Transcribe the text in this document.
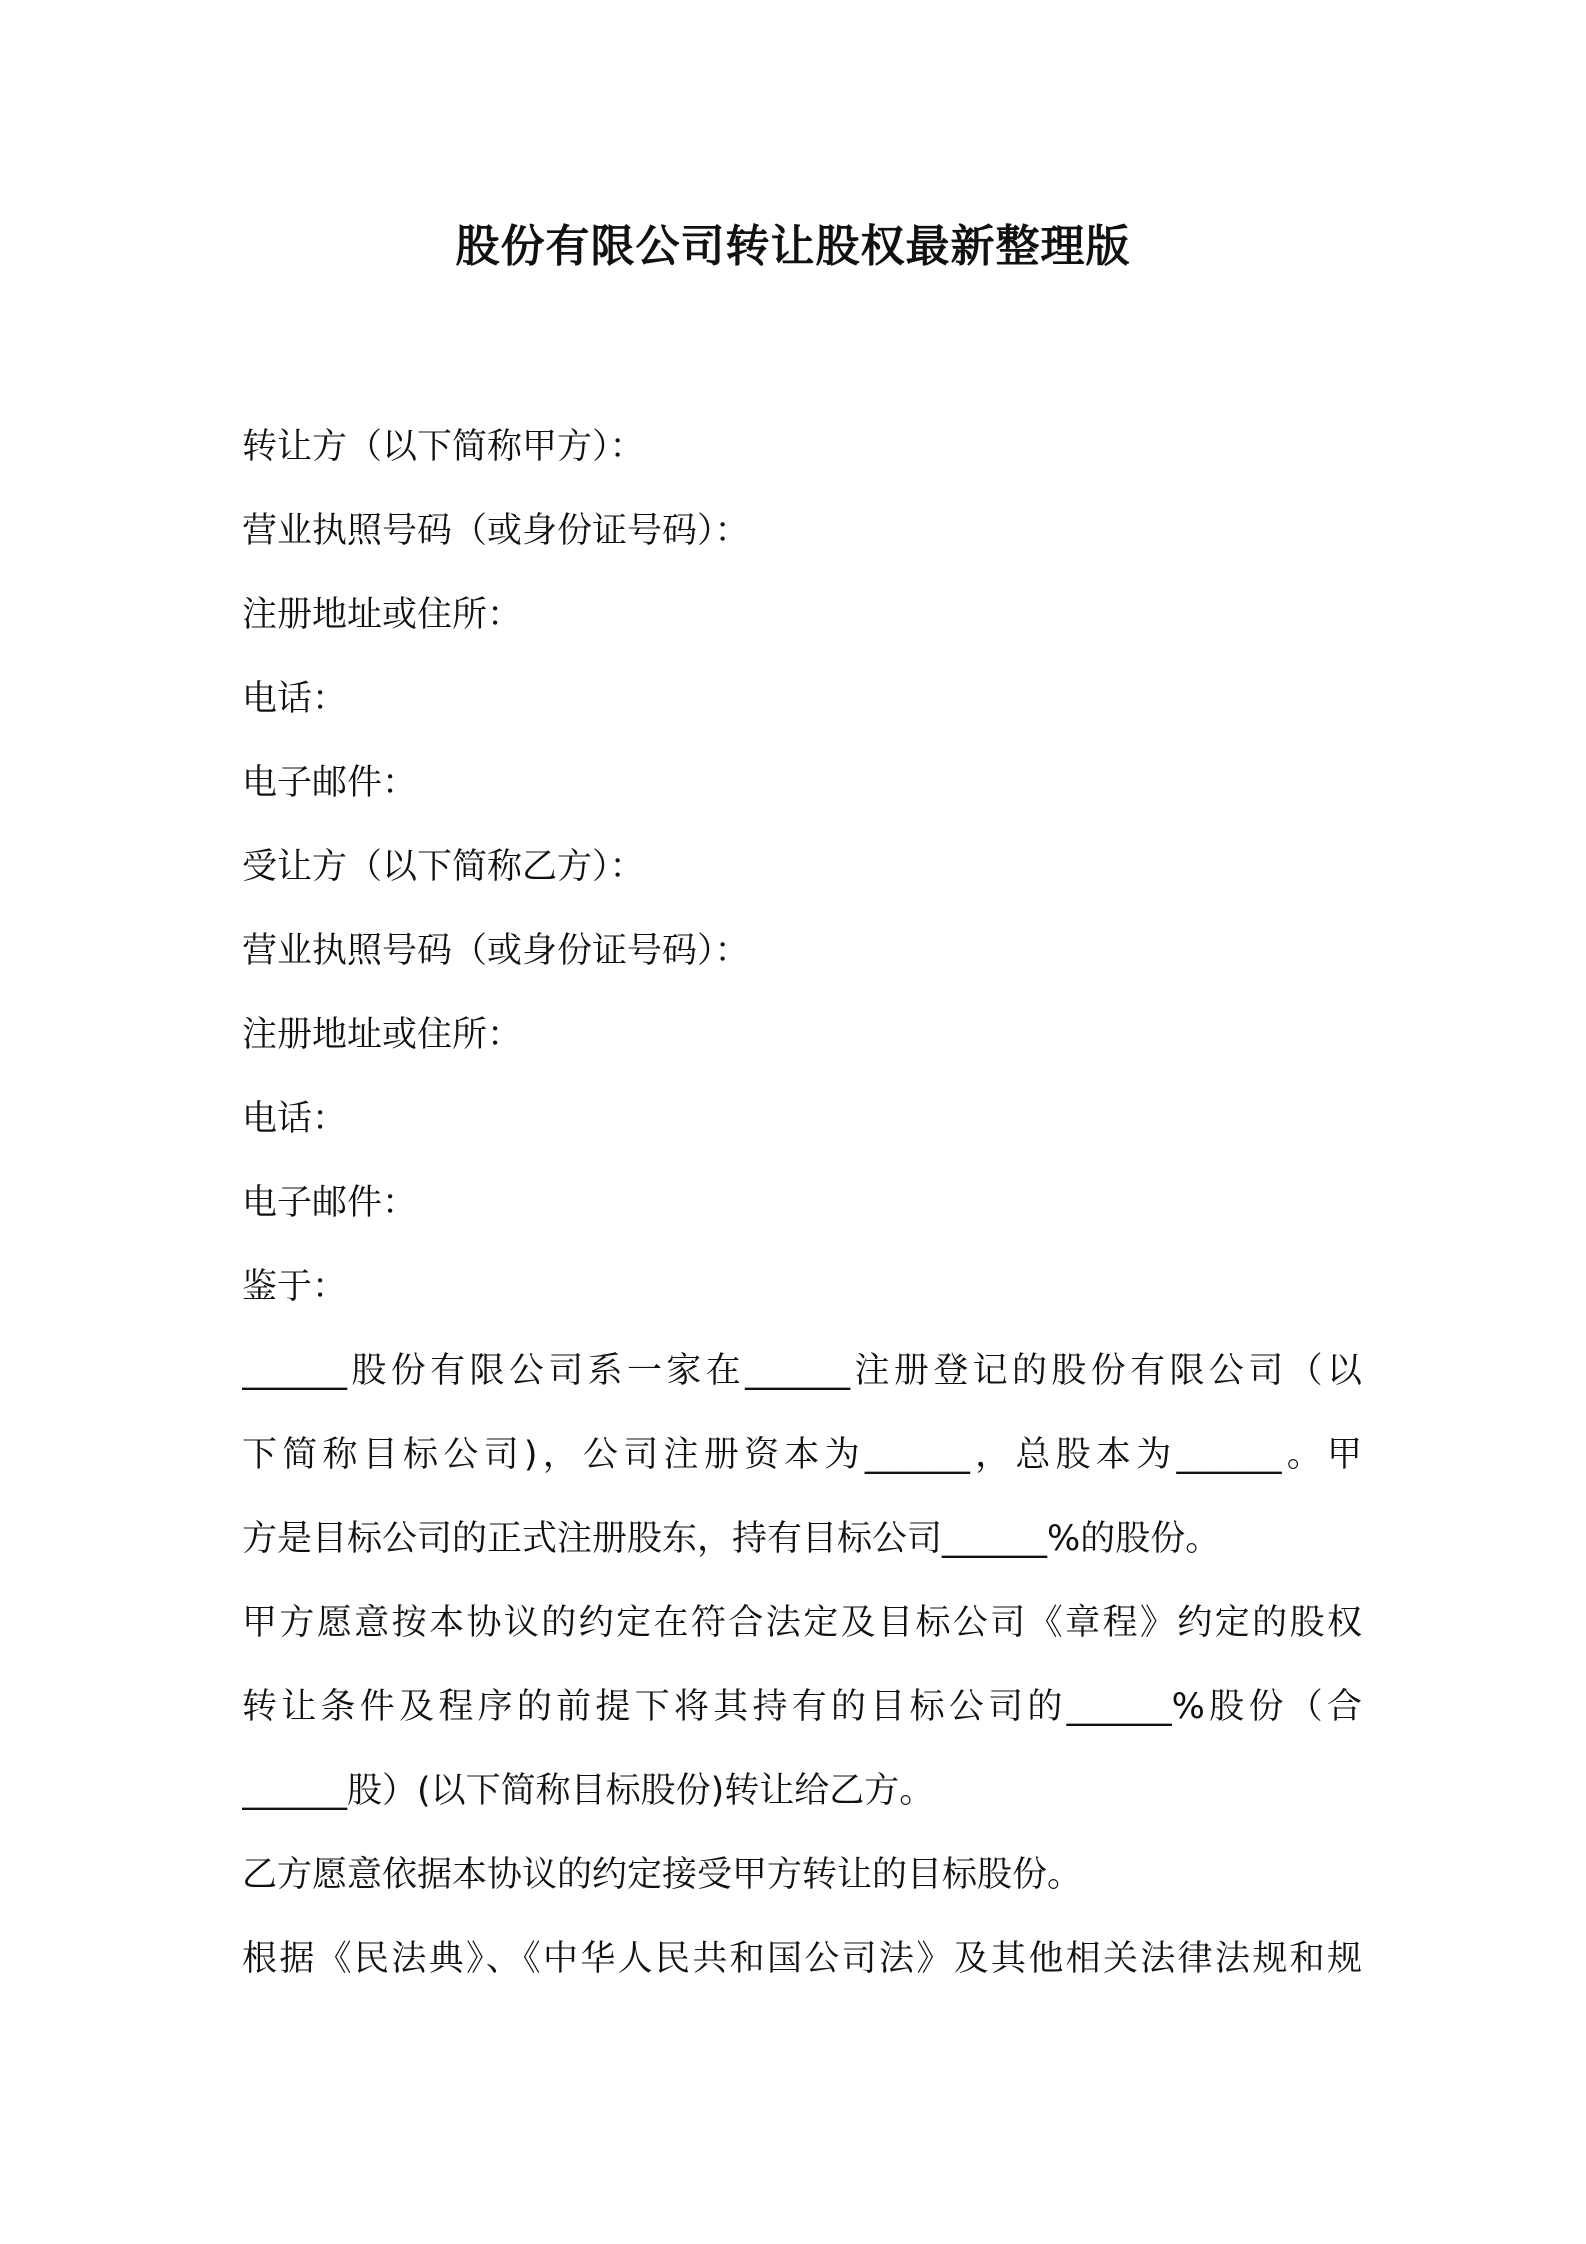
股份有限公司转让股权最新整理版

转让方（以下简称甲方）：

营业执照号码（或身份证号码）：

注册地址或住所：

电话：

电子邮件：

受让方（以下简称乙方）：

营业执照号码（或身份证号码）：

注册地址或住所：

电话：

电子邮件：

鉴于：

______股份有限公司系一家在______注册登记的股份有限公司（以

下简称目标公司)，公司注册资本为______，总股本为______。甲

方是目标公司的正式注册股东，持有目标公司______%的股份。

甲方愿意按本协议的约定在符合法定及目标公司《章程》约定的股权

转让条件及程序的前提下将其持有的目标公司的______%股份（合

______股）(以下简称目标股份)转让给乙方。

乙方愿意依据本协议的约定接受甲方转让的目标股份。

根据《民法典》、《中华人民共和国公司法》及其他相关法律法规和规
